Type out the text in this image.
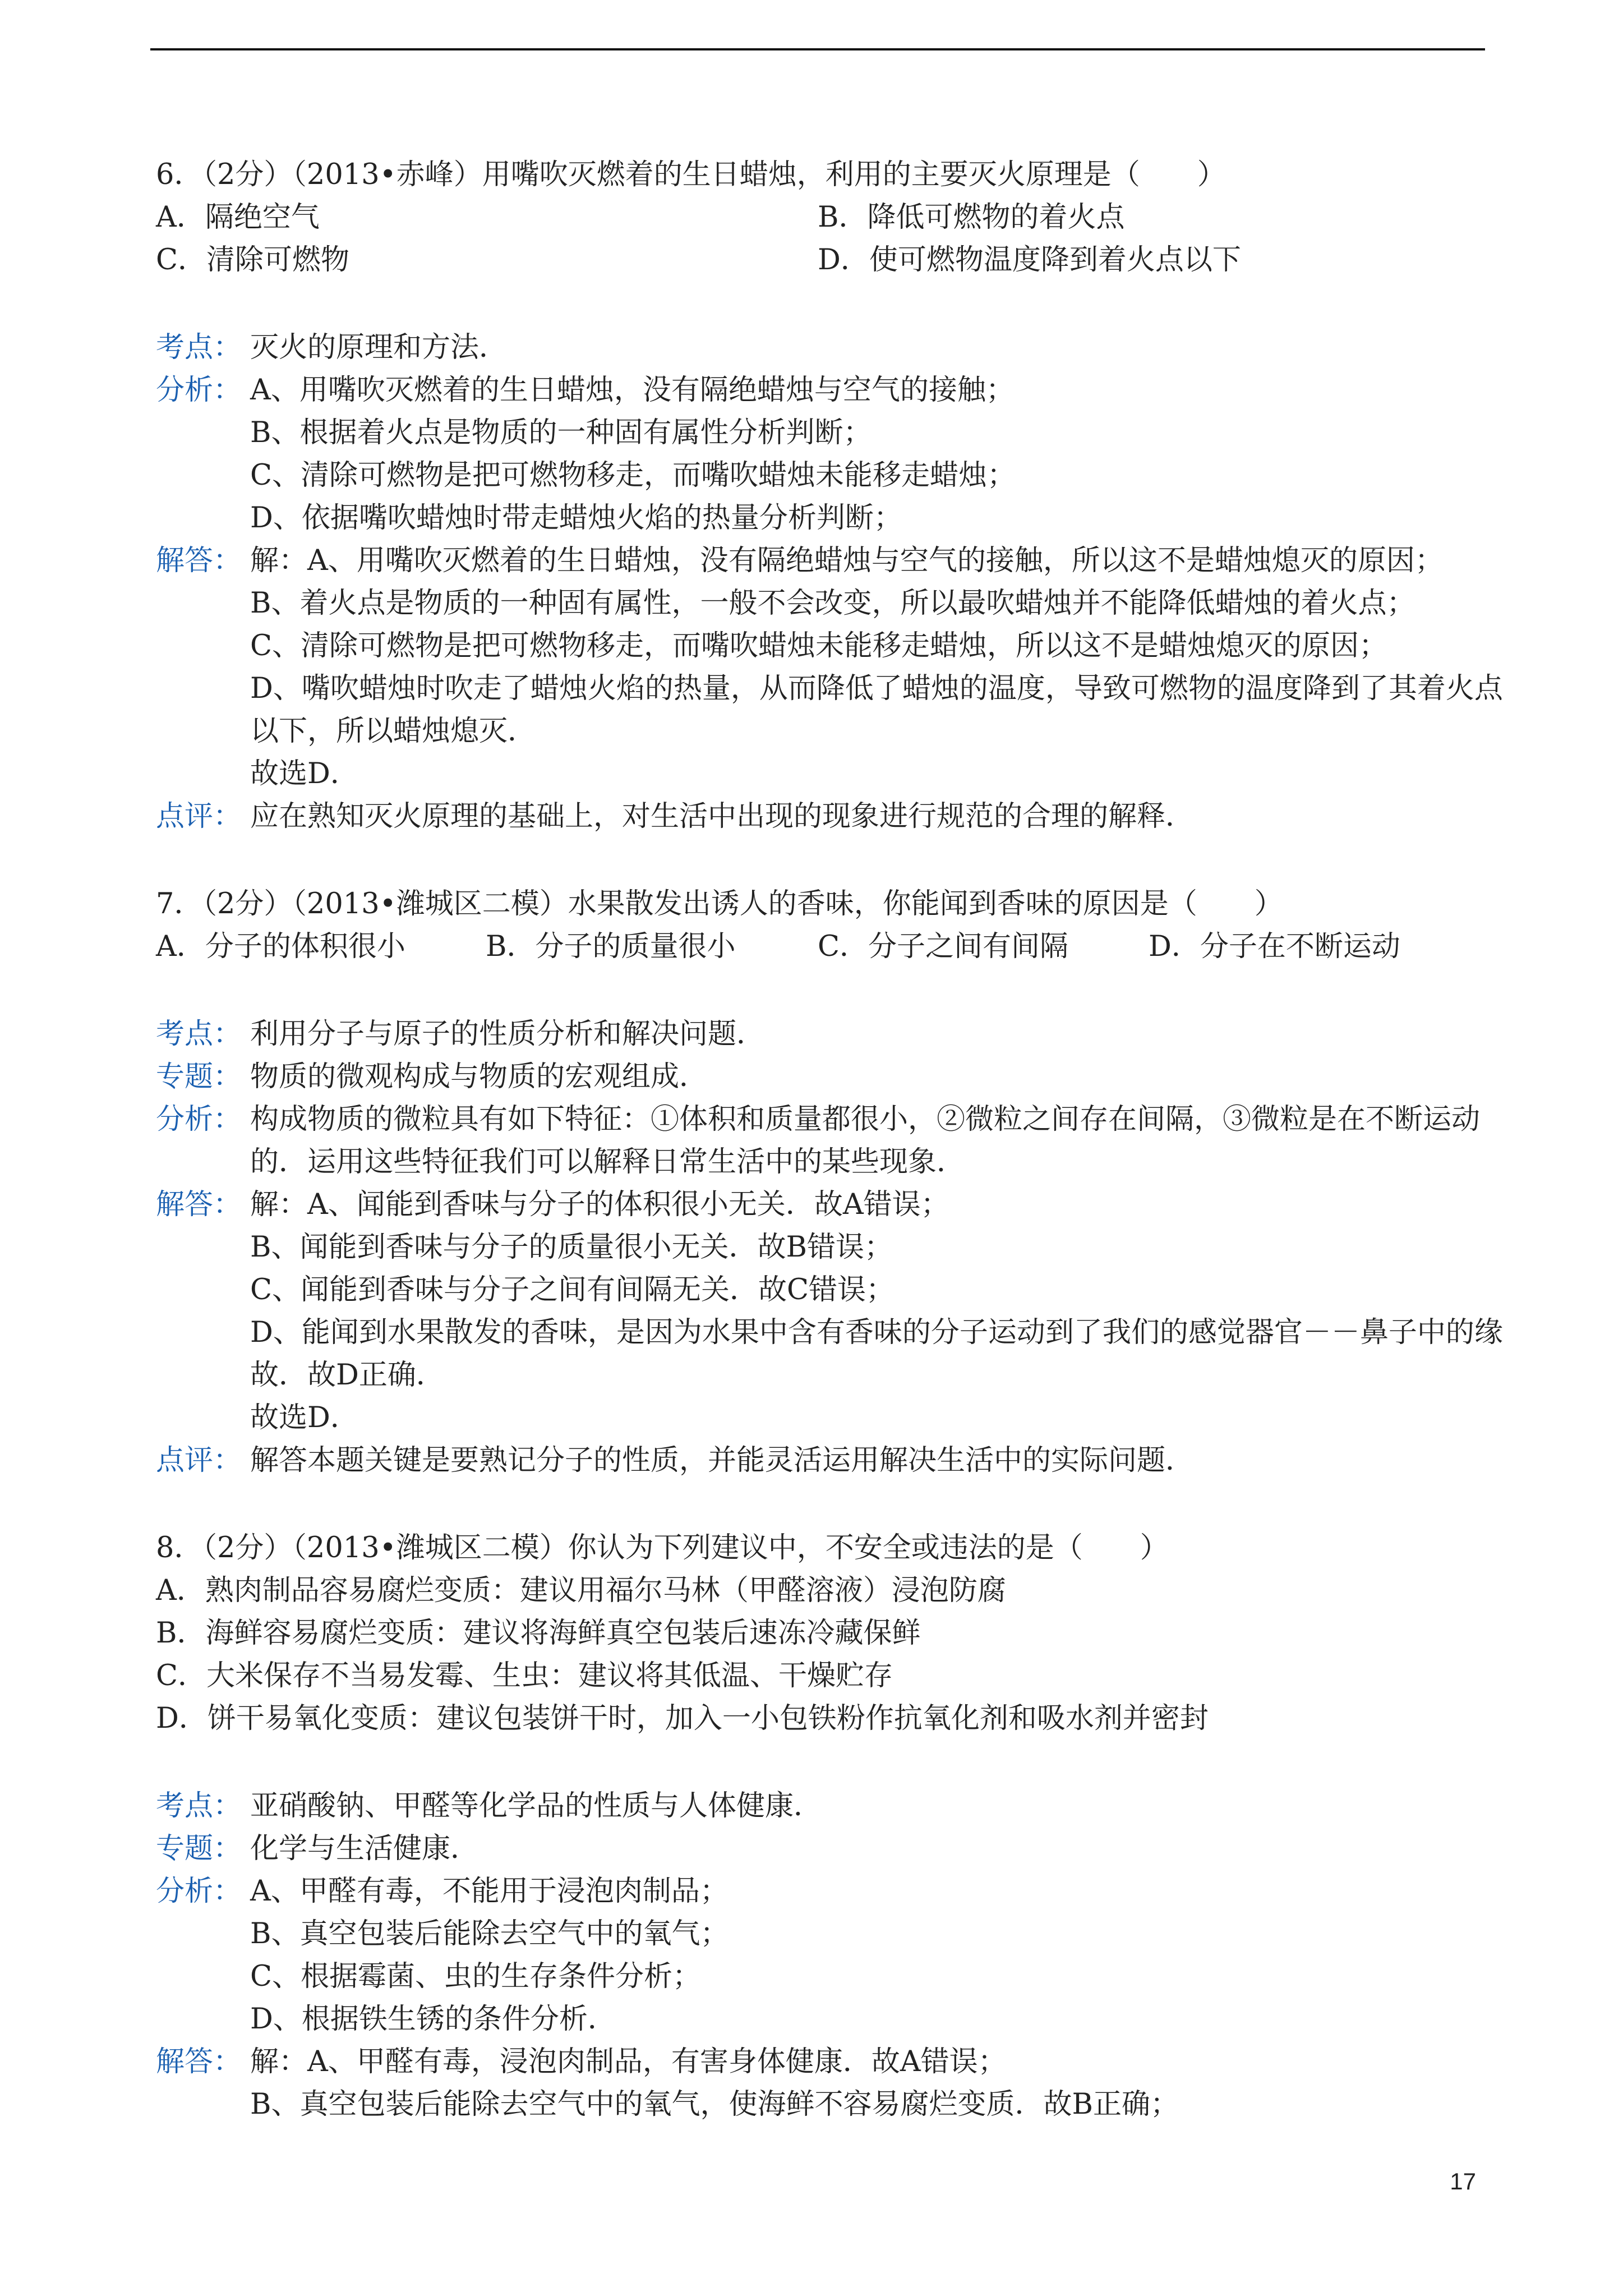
6．（2分）（2013•赤峰）用嘴吹灭燃着的生日蜡烛，利用的主要灭火原理是（　　）
A．隔绝空气	B．降低可燃物的着火点
C．清除可燃物	D．使可燃物温度降到着火点以下
考点： 灭火的原理和方法．
分析： A、用嘴吹灭燃着的生日蜡烛，没有隔绝蜡烛与空气的接触；
B、根据着火点是物质的一种固有属性分析判断；
C、清除可燃物是把可燃物移走，而嘴吹蜡烛未能移走蜡烛；
D、依据嘴吹蜡烛时带走蜡烛火焰的热量分析判断；
解答： 解：A、用嘴吹灭燃着的生日蜡烛，没有隔绝蜡烛与空气的接触，所以这不是蜡烛熄灭的原因；
B、着火点是物质的一种固有属性，一般不会改变，所以最吹蜡烛并不能降低蜡烛的着火点；
C、清除可燃物是把可燃物移走，而嘴吹蜡烛未能移走蜡烛，所以这不是蜡烛熄灭的原因；
D、嘴吹蜡烛时吹走了蜡烛火焰的热量，从而降低了蜡烛的温度，导致可燃物的温度降到了其着火点
以下，所以蜡烛熄灭．
故选D．
点评： 应在熟知灭火原理的基础上，对生活中出现的现象进行规范的合理的解释．
7．（2分）（2013•潍城区二模）水果散发出诱人的香味，你能闻到香味的原因是（　　）
A．分子的体积很小	B．分子的质量很小	C．分子之间有间隔	D．分子在不断运动
考点： 利用分子与原子的性质分析和解决问题．
专题： 物质的微观构成与物质的宏观组成．
分析： 构成物质的微粒具有如下特征：①体积和质量都很小，②微粒之间存在间隔，③微粒是在不断运动
的．运用这些特征我们可以解释日常生活中的某些现象．
解答： 解：A、闻能到香味与分子的体积很小无关．故A错误；
B、闻能到香味与分子的质量很小无关．故B错误；
C、闻能到香味与分子之间有间隔无关．故C错误；
D、能闻到水果散发的香味，是因为水果中含有香味的分子运动到了我们的感觉器官－－鼻子中的缘
故．故D正确．
故选D．
点评： 解答本题关键是要熟记分子的性质，并能灵活运用解决生活中的实际问题．
8．（2分）（2013•潍城区二模）你认为下列建议中，不安全或违法的是（　　）
A．熟肉制品容易腐烂变质：建议用福尔马林（甲醛溶液）浸泡防腐
B．海鲜容易腐烂变质：建议将海鲜真空包装后速冻冷藏保鲜
C．大米保存不当易发霉、生虫：建议将其低温、干燥贮存
D．饼干易氧化变质：建议包装饼干时，加入一小包铁粉作抗氧化剂和吸水剂并密封
考点： 亚硝酸钠、甲醛等化学品的性质与人体健康．
专题： 化学与生活健康．
分析： A、甲醛有毒，不能用于浸泡肉制品；
B、真空包装后能除去空气中的氧气；
C、根据霉菌、虫的生存条件分析；
D、根据铁生锈的条件分析．
解答： 解：A、甲醛有毒，浸泡肉制品，有害身体健康．故A错误；
B、真空包装后能除去空气中的氧气，使海鲜不容易腐烂变质．故B正确；
17
